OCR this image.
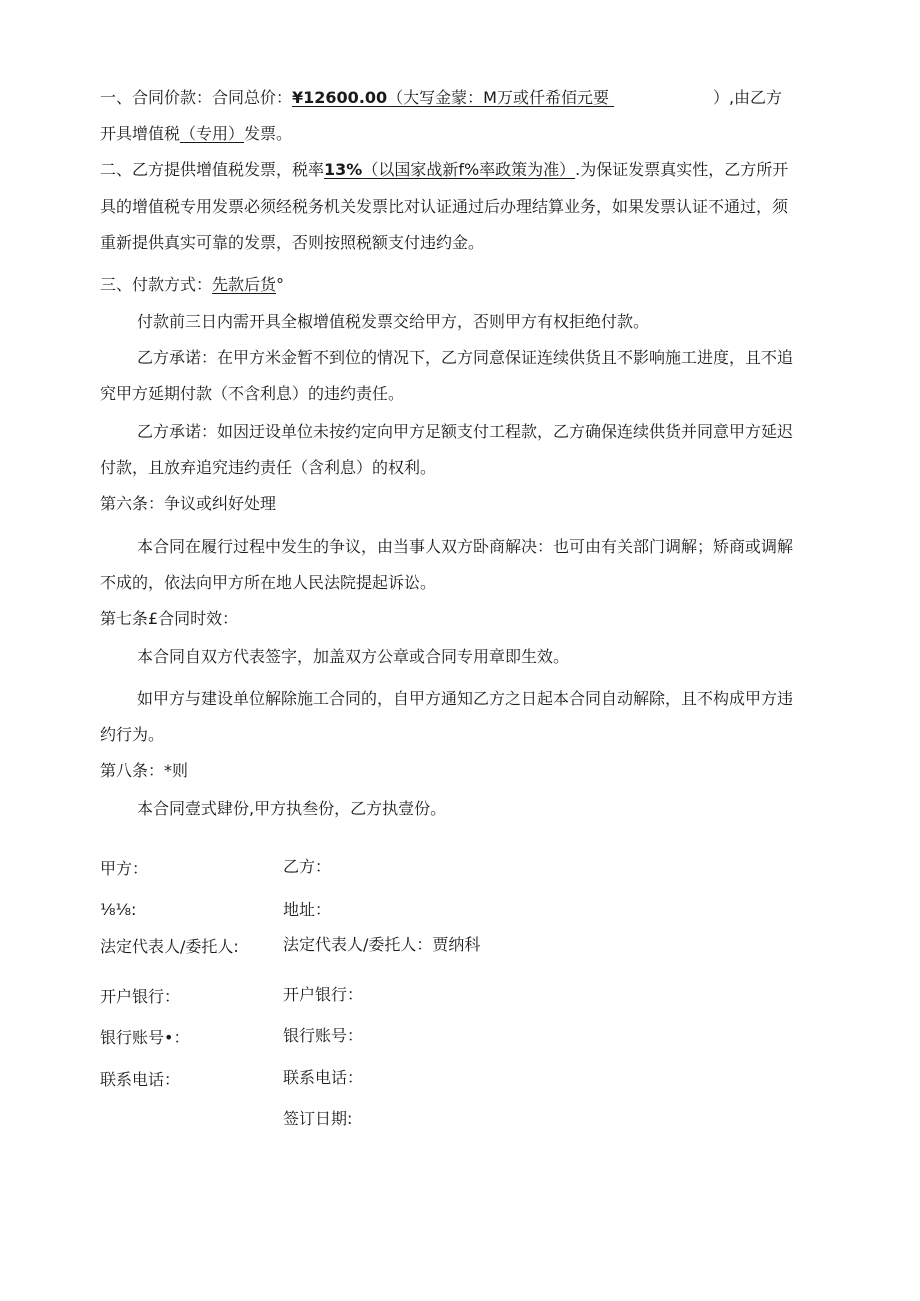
一、合同价款：合同总价：¥12600.00（大写金蒙：M万或仟希佰元要	）,由乙方
开具增值税（专用）发票。
二、乙方提供增值税发票，税率13%（以国家战新f%率政策为准）.为保证发票真实性，乙方所开
具的增值税专用发票必须经税务机关发票比对认证通过后办理结算业务，如果发票认证不通过，须
重新提供真实可靠的发票，否则按照税额支付违约金。
三、付款方式：先款后货°
付款前三日内需开具全椒增值税发票交给甲方，否则甲方有权拒绝付款。
乙方承诺：在甲方米金暂不到位的情况下，乙方同意保证连续供货且不影响施工进度，且不追
究甲方延期付款（不含利息）的违约责任。
乙方承诺：如因迂设单位未按约定向甲方足额支付工程款，乙方确保连续供货并同意甲方延迟
付款，且放弃追究违约责任（含利息）的权利。
第六条：争议或纠好处理
本合同在履行过程中发生的争议，由当事人双方卧商解决：也可由有关部门调解；矫商或调解
不成的，依法向甲方所在地人民法院提起诉讼。
第七条£合同时效：
本合同自双方代表签字，加盖双方公章或合同专用章即生效。
如甲方与建设单位解除施工合同的，自甲方通知乙方之日起本合同自动解除，且不构成甲方违
约行为。
第八条：*则
本合同壹式肆份,甲方执叁份，乙方执壹份。
甲方：
⅛⅛:
法定代表人/委托人:
开户银行：
银行账号•：
联系电话：
乙方：
地址：
法定代表人/委托人：贾纳科
开户银行：
银行账号：
联系电话：
签订日期:
